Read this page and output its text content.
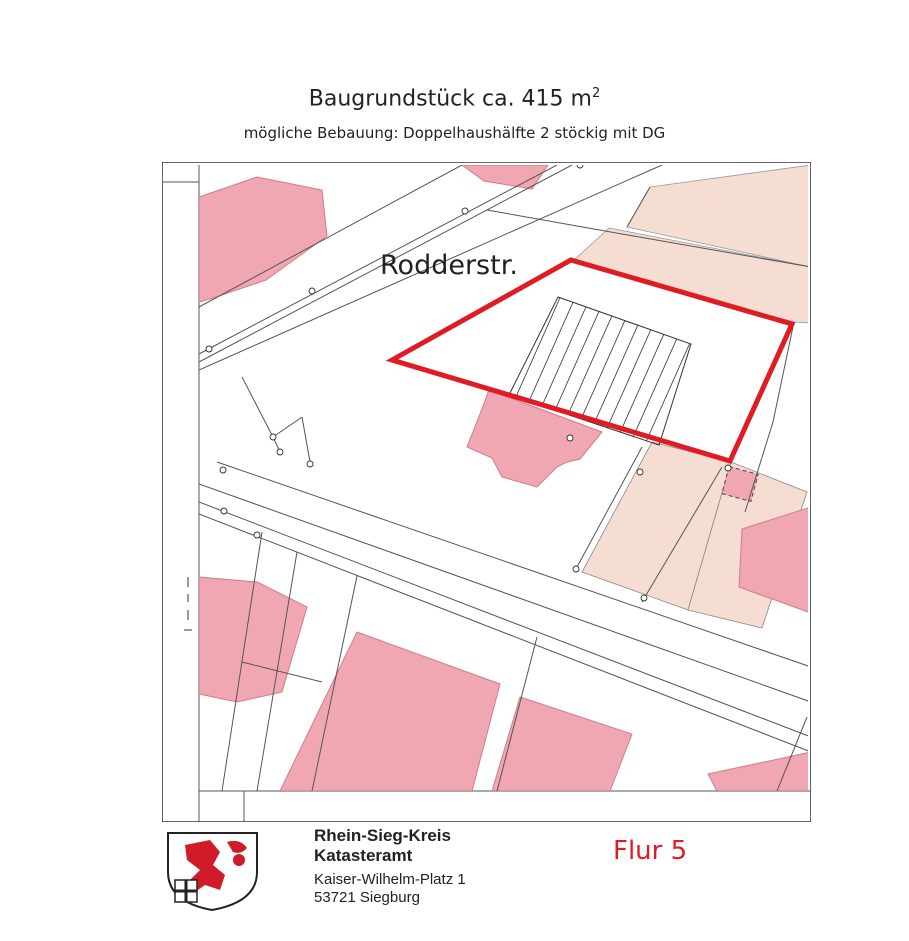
Baugrundstück ca. 415 $m^2$
mögliche Bebauung: Doppelhaushälfte 2 stöckig mit DG
Rodderstr.
Rhein-Sieg-Kreis
Katasteramt
Kaiser-Wilhelm-Platz 1
53721 Siegburg
Flur 5
